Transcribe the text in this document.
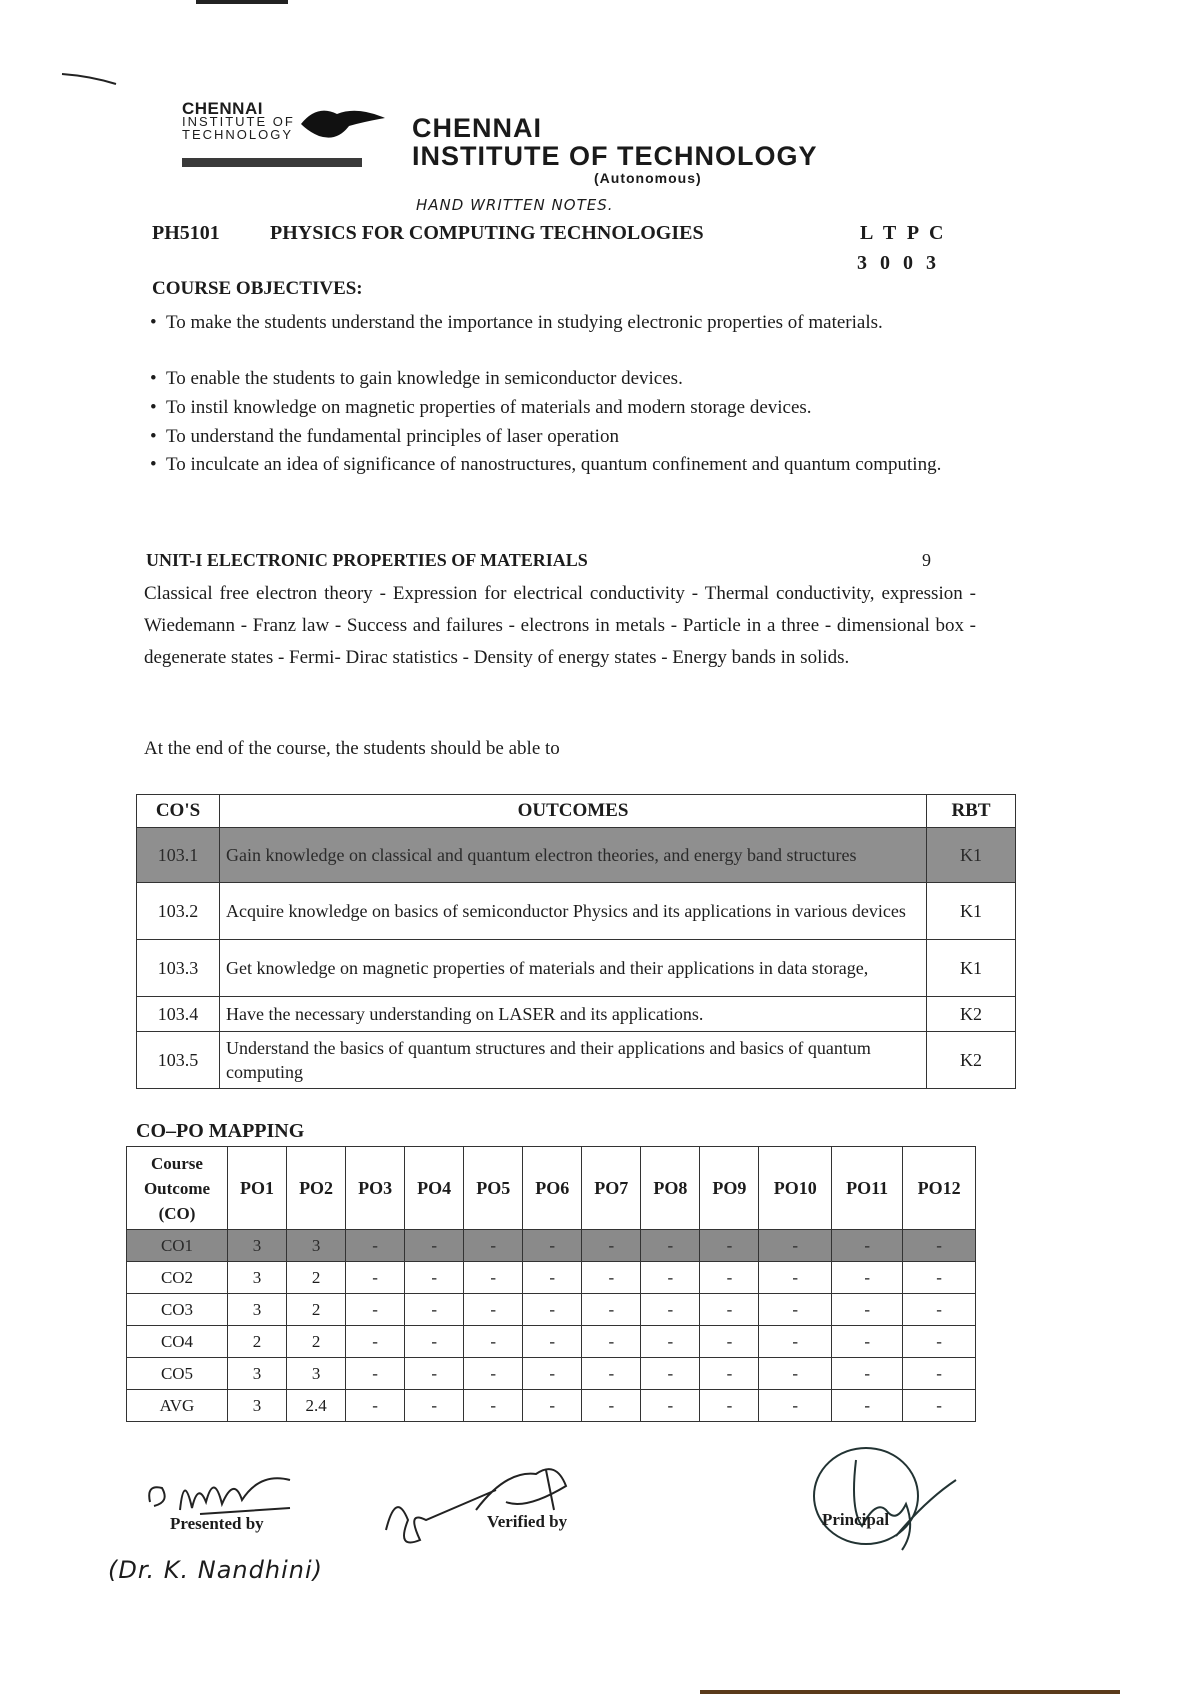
CHENNAI
INSTITUTE OF
TECHNOLOGY	CHENNAI
INSTITUTE OF TECHNOLOGY
(Autonomous)
HAND WRITTEN NOTES.
PH5101	PHYSICS FOR COMPUTING TECHNOLOGIES	L T P C
3 0 0 3
COURSE OBJECTIVES:
• To make the students understand the importance in studying electronic properties of materials.
• To enable the students to gain knowledge in semiconductor devices.
• To instil knowledge on magnetic properties of materials and modern storage devices.
• To understand the fundamental principles of laser operation
• To inculcate an idea of significance of nanostructures, quantum confinement and quantum computing.
UNIT-I ELECTRONIC PROPERTIES OF MATERIALS	9
Classical free electron theory - Expression for electrical conductivity - Thermal conductivity, expression - Wiedemann - Franz law - Success and failures - electrons in metals - Particle in a three - dimensional box - degenerate states - Fermi- Dirac statistics - Density of energy states - Energy bands in solids.
At the end of the course, the students should be able to
CO'S	OUTCOMES	RBT
103.1	Gain knowledge on classical and quantum electron theories, and energy band structures	K1
103.2	Acquire knowledge on basics of semiconductor Physics and its applications in various devices	K1
103.3	Get knowledge on magnetic properties of materials and their applications in data storage,	K1
103.4	Have the necessary understanding on LASER and its applications.	K2
103.5	Understand the basics of quantum structures and their applications and basics of quantum computing	K2
CO–PO MAPPING
Course
Outcome
(CO)	PO1	PO2	PO3	PO4	PO5	PO6	PO7	PO8	PO9	PO10	PO11	PO12
CO1	3	3	-	-	-	-	-	-	-	-	-	-
CO2	3	2	-	-	-	-	-	-	-	-	-	-
CO3	3	2	-	-	-	-	-	-	-	-	-	-
CO4	2	2	-	-	-	-	-	-	-	-	-	-
CO5	3	3	-	-	-	-	-	-	-	-	-	-
AVG	3	2.4	-	-	-	-	-	-	-	-	-	-
Presented by
(Dr. K. Nandhini)
Verified by	Principal
